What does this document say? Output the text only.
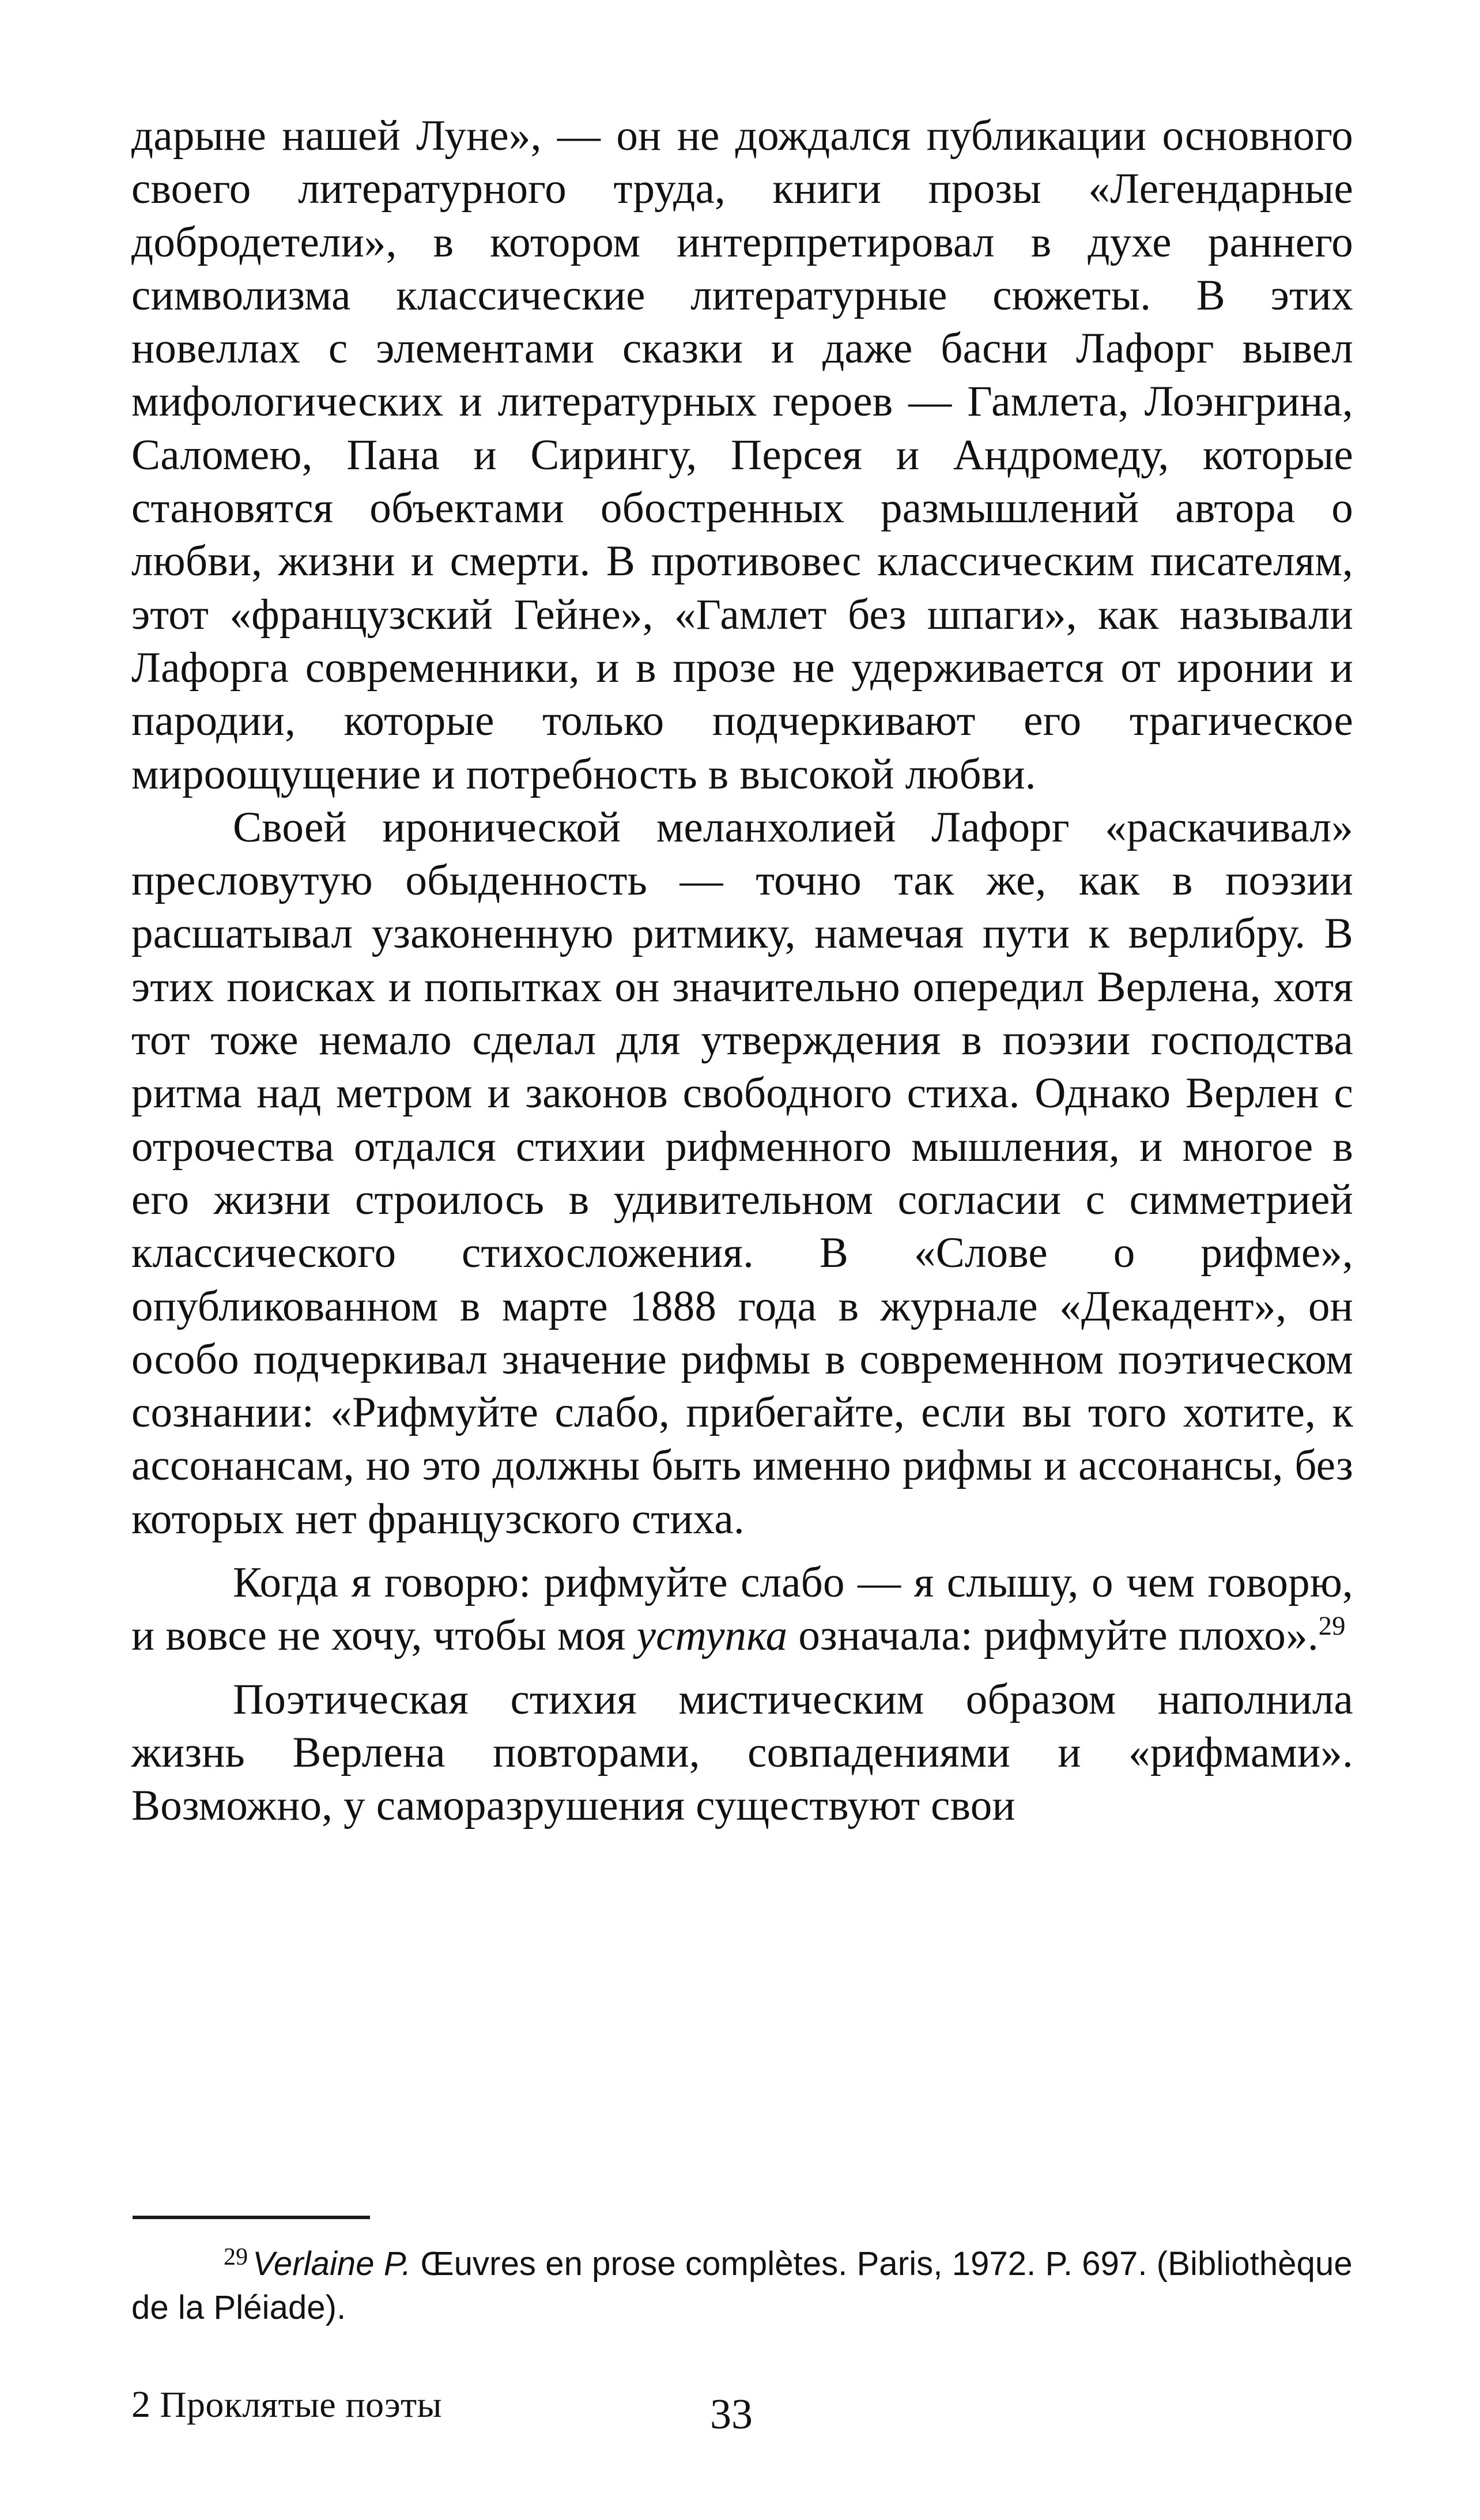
дарыне нашей Луне», — он не дождался публикации основного своего литературного труда, книги прозы «Легендарные добродетели», в котором интерпретировал в духе раннего символизма классические литературные сюжеты. В этих новеллах с элементами сказки и даже басни Лафорг вывел мифологических и литературных героев — Гамлета, Лоэнгрина, Саломею, Пана и Сирингу, Персея и Андромеду, которые становятся объектами обостренных размышлений автора о любви, жизни и смерти. В противовес классическим писателям, этот «французский Гейне», «Гамлет без шпаги», как называли Лафорга современники, и в прозе не удерживается от иронии и пародии, которые только подчеркивают его трагическое мироощущение и потребность в высокой любви.

Своей иронической меланхолией Лафорг «раскачивал» пресловутую обыденность — точно так же, как в поэзии расшатывал узаконенную ритмику, намечая пути к верлибру. В этих поисках и попытках он значительно опередил Верлена, хотя тот тоже немало сделал для утверждения в поэзии господства ритма над метром и законов свободного стиха. Однако Верлен с отрочества отдался стихии рифменного мышления, и многое в его жизни строилось в удивительном согласии с симметрией классического стихосложения. В «Слове о рифме», опубликованном в марте 1888 года в журнале «Декадент», он особо подчеркивал значение рифмы в современном поэтическом сознании: «Рифмуйте слабо, прибегайте, если вы того хотите, к ассонансам, но это должны быть именно рифмы и ассонансы, без которых нет французского стиха.

Когда я говорю: рифмуйте слабо — я слышу, о чем говорю, и вовсе не хочу, чтобы моя уступка означала: рифмуйте плохо».$^{29}$

Поэтическая стихия мистическим образом наполнила жизнь Верлена повторами, совпадениями и «рифмами». Возможно, у саморазрушения существуют свои

29 Verlaine P. Œuvres en prose complètes. Paris, 1972. P. 697. (Bibliothèque de la Pléiade).
2 Проклятые поэты	33
